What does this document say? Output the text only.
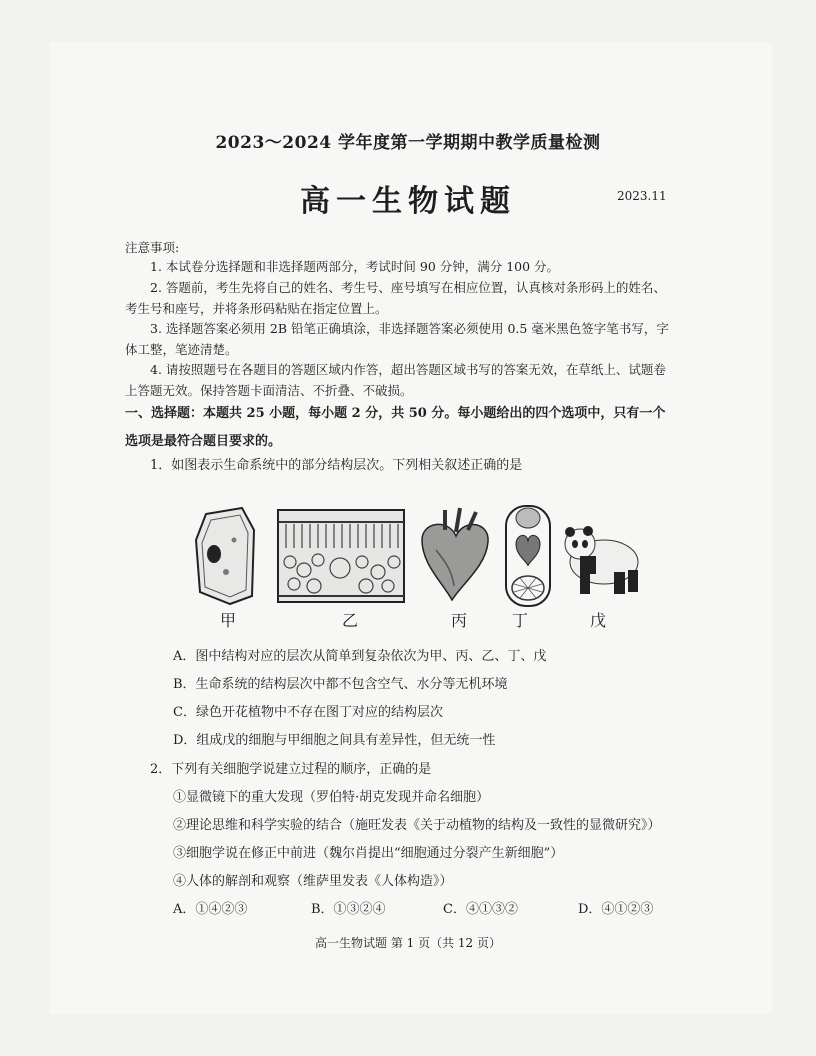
2023～2024 学年度第一学期期中教学质量检测
高一生物试题	2023.11
注意事项:
1. 本试卷分选择题和非选择题两部分，考试时间 90 分钟，满分 100 分。
2. 答题前，考生先将自己的姓名、考生号、座号填写在相应位置，认真核对条形码上的姓名、考生号和座号，并将条形码粘贴在指定位置上。
3. 选择题答案必须用 2B 铅笔正确填涂，非选择题答案必须使用 0.5 毫米黑色签字笔书写，字体工整，笔迹清楚。
4. 请按照题号在各题目的答题区域内作答，超出答题区域书写的答案无效，在草纸上、试题卷上答题无效。保持答题卡面清洁、不折叠、不破损。
一、选择题：本题共 25 小题，每小题 2 分，共 50 分。每小题给出的四个选项中，只有一个选项是最符合题目要求的。
1．如图表示生命系统中的部分结构层次。下列相关叙述正确的是
甲	乙	丙	丁	戊
A．图中结构对应的层次从简单到复杂依次为甲、丙、乙、丁、戊
B．生命系统的结构层次中都不包含空气、水分等无机环境
C．绿色开花植物中不存在图丁对应的结构层次
D．组成戊的细胞与甲细胞之间具有差异性，但无统一性
2．下列有关细胞学说建立过程的顺序，正确的是
①显微镜下的重大发现（罗伯特·胡克发现并命名细胞）
②理论思维和科学实验的结合（施旺发表《关于动植物的结构及一致性的显微研究》）
③细胞学说在修正中前进（魏尔肖提出“细胞通过分裂产生新细胞”）
④人体的解剖和观察（维萨里发表《人体构造》）
A．①④②③	B．①③②④	C．④①③②	D．④①②③
高一生物试题 第 1 页（共 12 页）
